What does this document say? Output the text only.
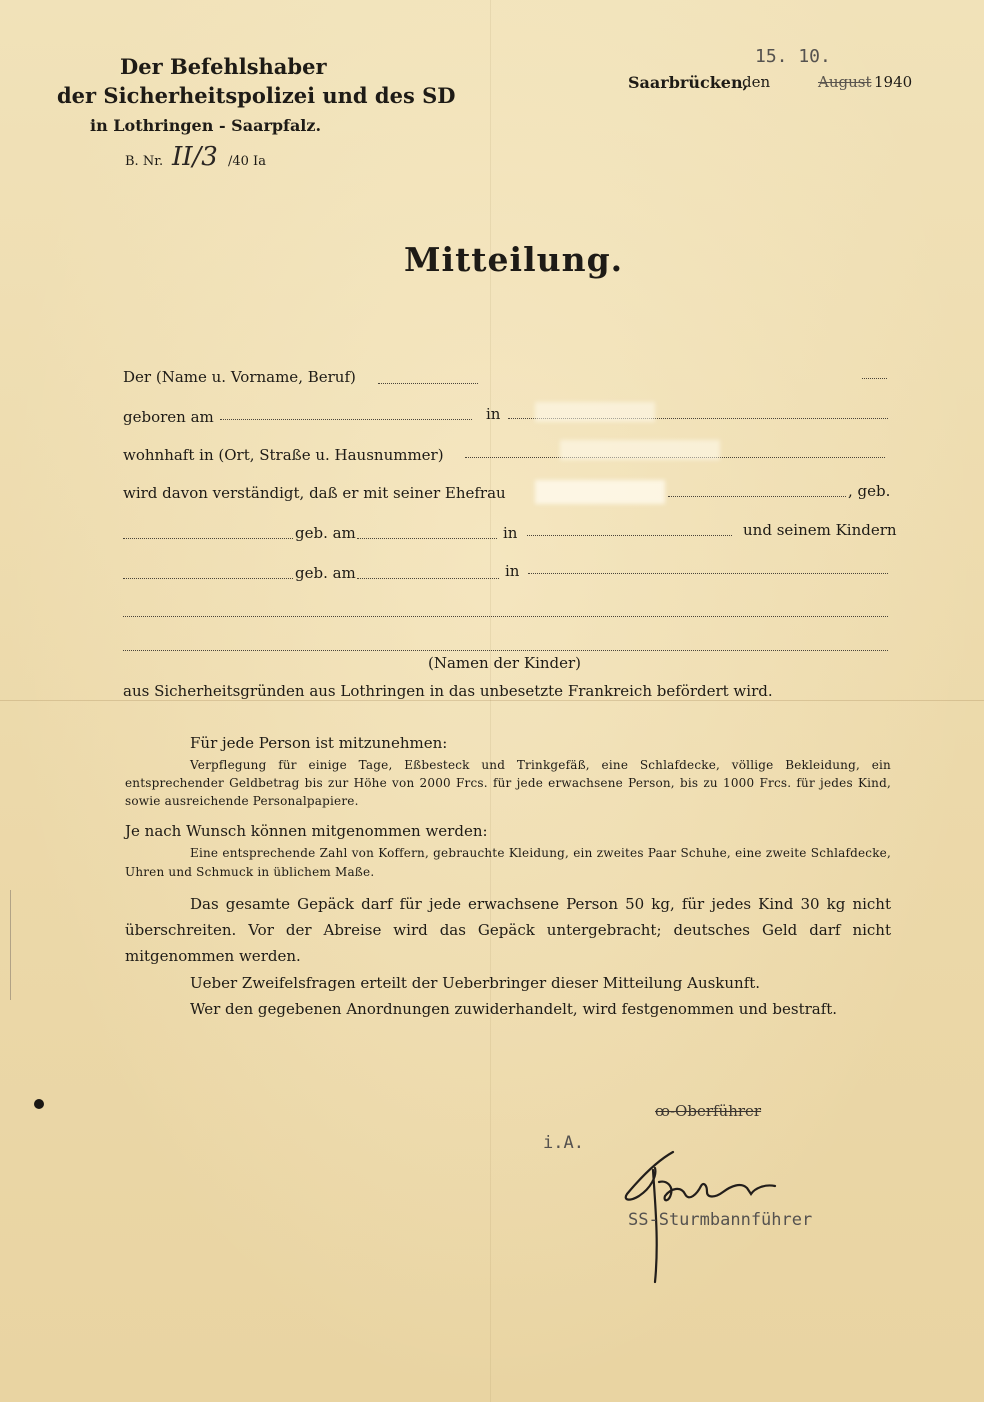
Der Befehlshaber
der Sicherheitspolizei und des SD
in Lothringen - Saarpfalz.
B. Nr. II/3 /40 Ia
15. 10.
Saarbrücken,
den	August 1940
Mitteilung.
Der (Name u. Vorname, Beruf)
geboren am	in
wohnhaft in (Ort, Straße u. Hausnummer)
wird davon verständigt, daß er mit seiner Ehefrau	, geb.
geb. am	in	und seinem Kindern
geb. am	in
(Namen der Kinder)
aus Sicherheitsgründen aus Lothringen in das unbesetzte Frankreich befördert wird.
Für jede Person ist mitzunehmen:
Verpflegung für einige Tage, Eßbesteck und Trinkgefäß, eine Schlafdecke, völlige Bekleidung, ein entsprechender Geldbetrag bis zur Höhe von 2000 Frcs. für jede erwachsene Person, bis zu 1000 Frcs. für jedes Kind, sowie ausreichende Personalpapiere.
Je nach Wunsch können mitgenommen werden:
Eine entsprechende Zahl von Koffern, gebrauchte Kleidung, ein zweites Paar Schuhe, eine zweite Schlafdecke, Uhren und Schmuck in üblichem Maße.
Das gesamte Gepäck darf für jede erwachsene Person 50 kg, für jedes Kind 30 kg nicht überschreiten. Vor der Abreise wird das Gepäck untergebracht; deutsches Geld darf nicht mitgenommen werden.
Ueber Zweifelsfragen erteilt der Ueberbringer dieser Mitteilung Auskunft.
Wer den gegebenen Anordnungen zuwiderhandelt, wird festgenommen und bestraft.
ꝏ-Oberführer
i.A.
SS-Sturmbannführer
